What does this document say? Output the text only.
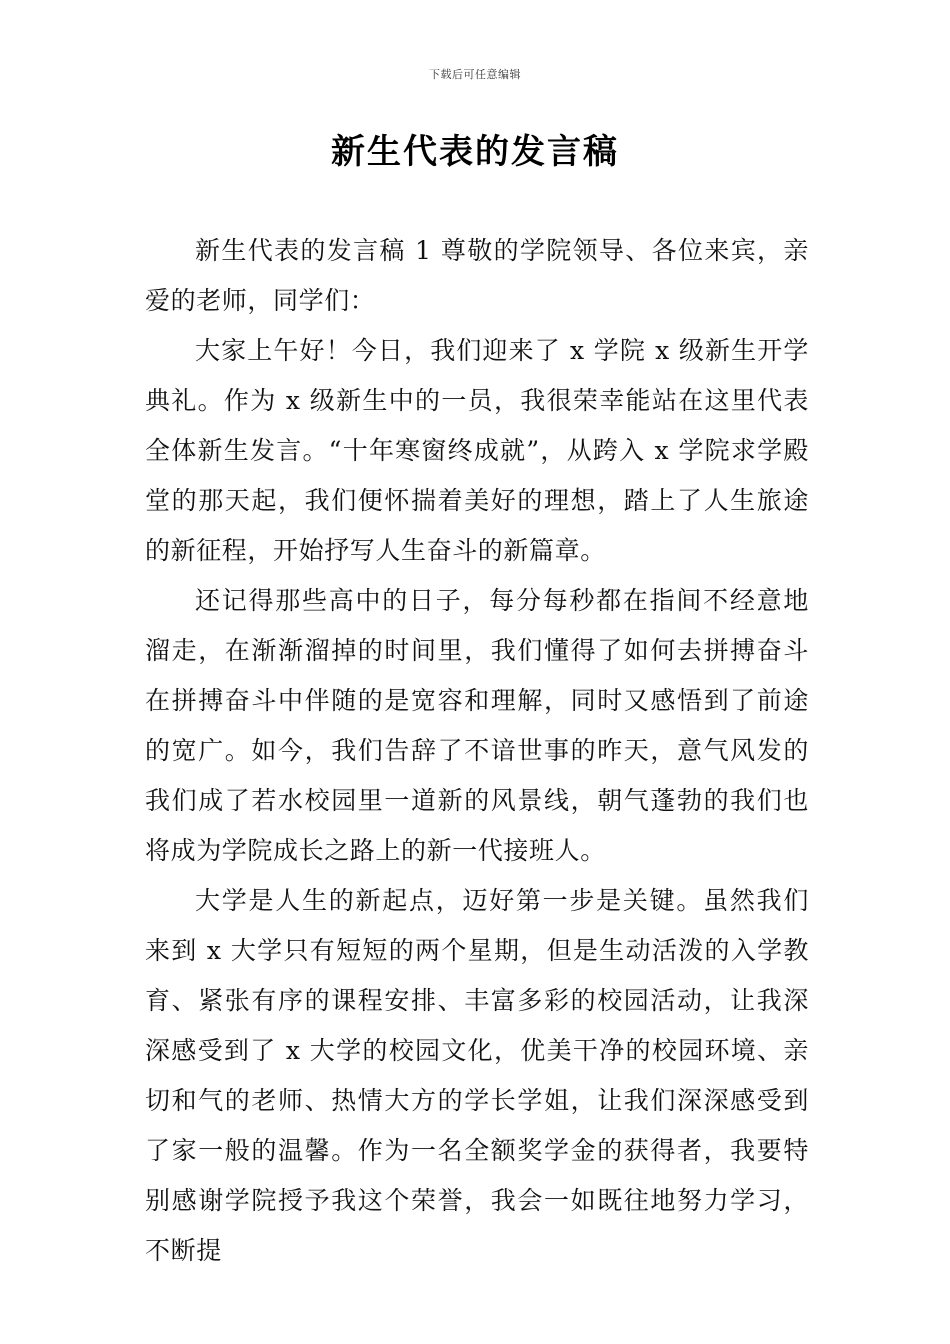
下载后可任意编辑
新生代表的发言稿

新生代表的发言稿 1 尊敬的学院领导、各位来宾，亲爱的老师，同学们：

大家上午好！今日，我们迎来了 x 学院 x 级新生开学典礼。作为 x 级新生中的一员，我很荣幸能站在这里代表全体新生发言。“十年寒窗终成就”，从跨入 x 学院求学殿堂的那天起，我们便怀揣着美好的理想，踏上了人生旅途的新征程，开始抒写人生奋斗的新篇章。

还记得那些高中的日子，每分每秒都在指间不经意地溜走，在渐渐溜掉的时间里，我们懂得了如何去拼搏奋斗在拼搏奋斗中伴随的是宽容和理解，同时又感悟到了前途的宽广。如今，我们告辞了不谙世事的昨天，意气风发的我们成了若水校园里一道新的风景线，朝气蓬勃的我们也将成为学院成长之路上的新一代接班人。

大学是人生的新起点，迈好第一步是关键。虽然我们来到 x 大学只有短短的两个星期，但是生动活泼的入学教育、紧张有序的课程安排、丰富多彩的校园活动，让我深深感受到了 x 大学的校园文化，优美干净的校园环境、亲切和气的老师、热情大方的学长学姐，让我们深深感受到了家一般的温馨。作为一名全额奖学金的获得者，我要特别感谢学院授予我这个荣誉，我会一如既往地努力学习，不断提
